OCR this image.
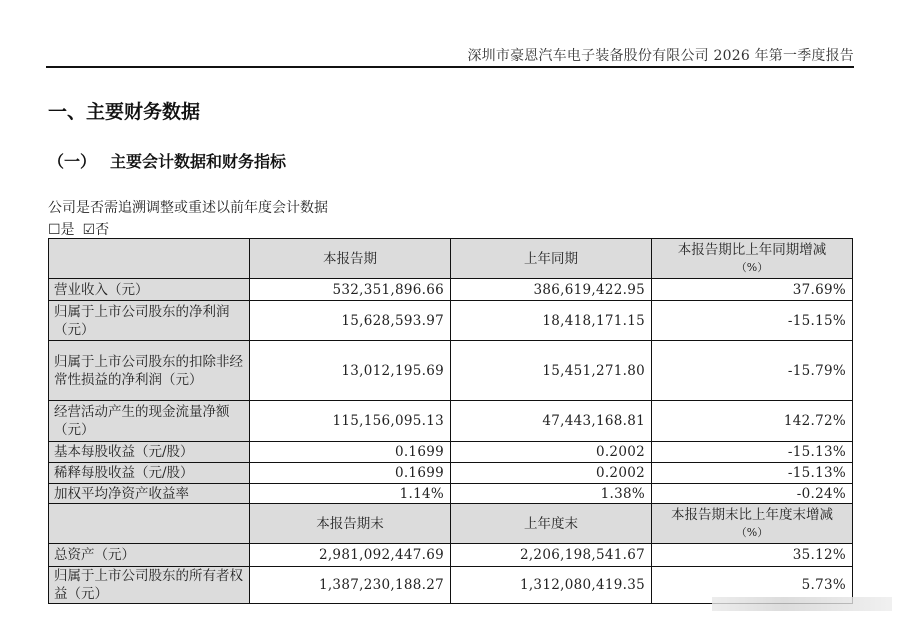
深圳市豪恩汽车电子装备股份有限公司 2026 年第一季度报告
一、主要财务数据
（一） 主要会计数据和财务指标
公司是否需追溯调整或重述以前年度会计数据
☐是 ☑否
	本报告期	上年同期	本报告期比上年同期增减
（%）

营业收入（元）	532,351,896.66	386,619,422.95	37.69%
归属于上市公司股东的净利润（元）	15,628,593.97	18,418,171.15	-15.15%
归属于上市公司股东的扣除非经常性损益的净利润（元）	13,012,195.69	15,451,271.80	-15.79%
经营活动产生的现金流量净额（元）	115,156,095.13	47,443,168.81	142.72%
基本每股收益（元/股）	0.1699	0.2002	-15.13%
稀释每股收益（元/股）	0.1699	0.2002	-15.13%
加权平均净资产收益率	1.14%	1.38%	-0.24%
	本报告期末	上年度末	本报告期末比上年度末增减
（%）

总资产（元）	2,981,092,447.69	2,206,198,541.67	35.12%
归属于上市公司股东的所有者权益（元）	1,387,230,188.27	1,312,080,419.35	5.73%
